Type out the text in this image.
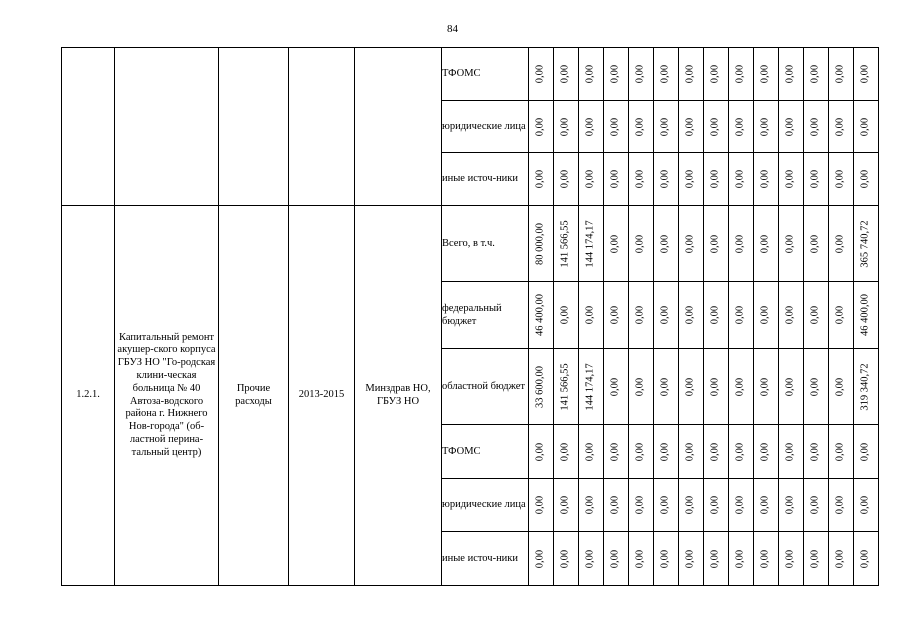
84
					ТФОМС	0,00	0,00	0,00	0,00	0,00	0,00	0,00	0,00	0,00	0,00	0,00	0,00	0,00	0,00

					юридические лица	0,00	0,00	0,00	0,00	0,00	0,00	0,00	0,00	0,00	0,00	0,00	0,00	0,00	0,00

					иные источ-ники	0,00	0,00	0,00	0,00	0,00	0,00	0,00	0,00	0,00	0,00	0,00	0,00	0,00	0,00

1.2.1.	Капитальный ремонт акушер-ского корпуса ГБУЗ НО "Го-родская клини-ческая больница № 40 Автоза-водского района г. Нижнего Нов-города" (об-ластной перина-тальный центр)	Прочие расходы	2013-2015	Минздрав НО, ГБУЗ НО	Всего, в т.ч.	80 000,00	141 566,55	144 174,17	0,00	0,00	0,00	0,00	0,00	0,00	0,00	0,00	0,00	0,00	365 740,72

					федеральный бюджет	46 400,00	0,00	0,00	0,00	0,00	0,00	0,00	0,00	0,00	0,00	0,00	0,00	0,00	46 400,00

					областной бюджет	33 600,00	141 566,55	144 174,17	0,00	0,00	0,00	0,00	0,00	0,00	0,00	0,00	0,00	0,00	319 340,72

					ТФОМС	0,00	0,00	0,00	0,00	0,00	0,00	0,00	0,00	0,00	0,00	0,00	0,00	0,00	0,00

					юридические лица	0,00	0,00	0,00	0,00	0,00	0,00	0,00	0,00	0,00	0,00	0,00	0,00	0,00	0,00

					иные источ-ники	0,00	0,00	0,00	0,00	0,00	0,00	0,00	0,00	0,00	0,00	0,00	0,00	0,00	0,00
